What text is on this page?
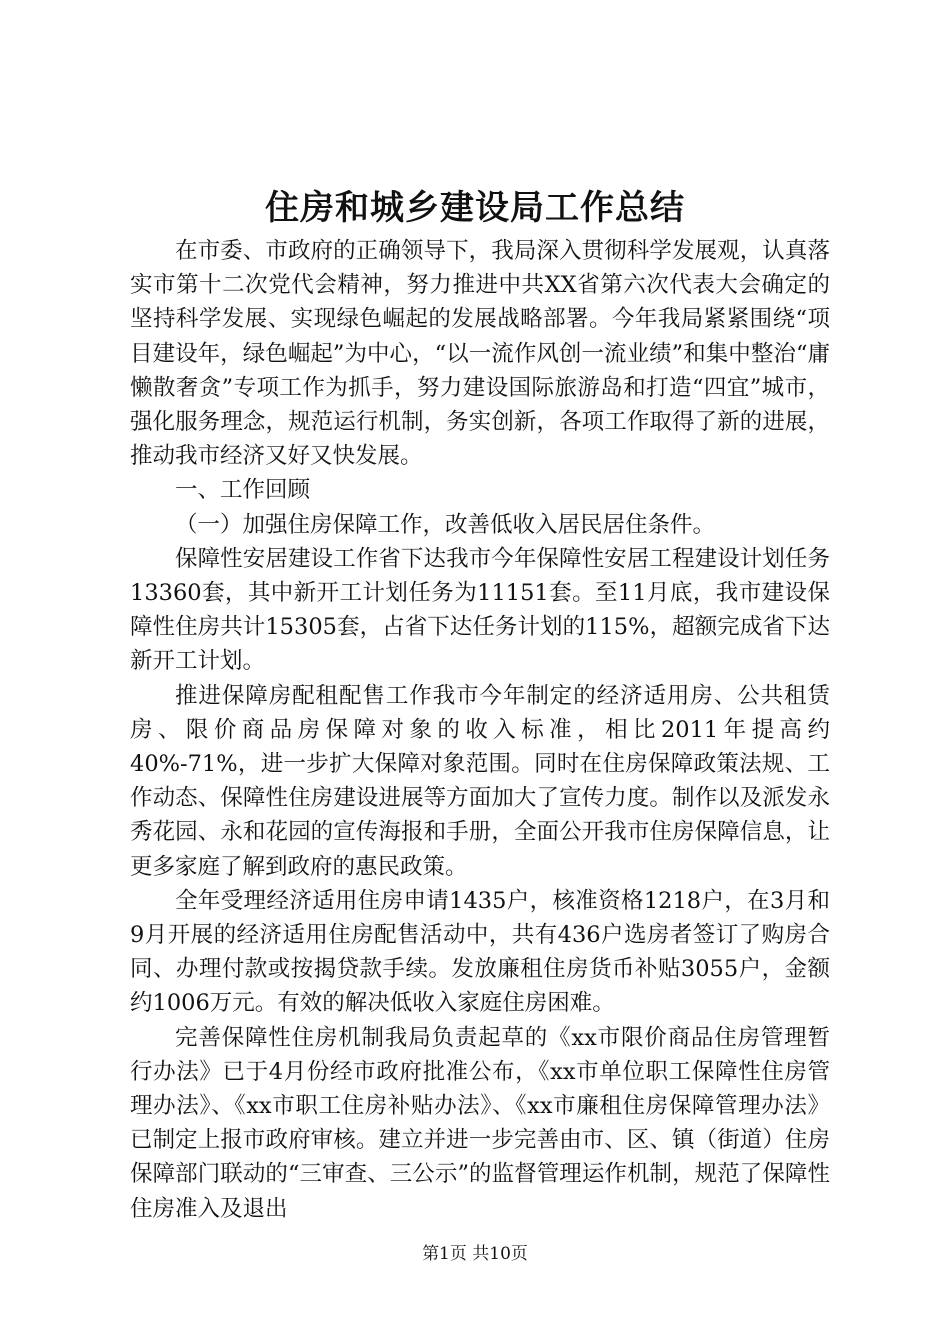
住房和城乡建设局工作总结

在市委、市政府的正确领导下，我局深入贯彻科学发展观，认真落实市第十二次党代会精神，努力推进中共XX省第六次代表大会确定的坚持科学发展、实现绿色崛起的发展战略部署。今年我局紧紧围绕“项目建设年，绿色崛起”为中心，“以一流作风创一流业绩”和集中整治“庸懒散奢贪”专项工作为抓手，努力建设国际旅游岛和打造“四宜”城市，强化服务理念，规范运行机制，务实创新，各项工作取得了新的进展，推动我市经济又好又快发展。

一、工作回顾

（一）加强住房保障工作，改善低收入居民居住条件。

保障性安居建设工作省下达我市今年保障性安居工程建设计划任务13360套，其中新开工计划任务为11151套。至11月底，我市建设保障性住房共计15305套，占省下达任务计划的115%，超额完成省下达新开工计划。

推进保障房配租配售工作我市今年制定的经济适用房、公共租赁房、限价商品房保障对象的收入标准，相比2011年提高约40%-71%，进一步扩大保障对象范围。同时在住房保障政策法规、工作动态、保障性住房建设进展等方面加大了宣传力度。制作以及派发永秀花园、永和花园的宣传海报和手册，全面公开我市住房保障信息，让更多家庭了解到政府的惠民政策。

全年受理经济适用住房申请1435户，核准资格1218户，在3月和9月开展的经济适用住房配售活动中，共有436户选房者签订了购房合同、办理付款或按揭贷款手续。发放廉租住房货币补贴3055户，金额约1006万元。有效的解决低收入家庭住房困难。

完善保障性住房机制我局负责起草的《xx市限价商品住房管理暂行办法》已于4月份经市政府批准公布，《xx市单位职工保障性住房管理办法》、《xx市职工住房补贴办法》、《xx市廉租住房保障管理办法》已制定上报市政府审核。建立并进一步完善由市、区、镇（街道）住房保障部门联动的“三审查、三公示”的监督管理运作机制，规范了保障性住房准入及退出

第1页 共10页
